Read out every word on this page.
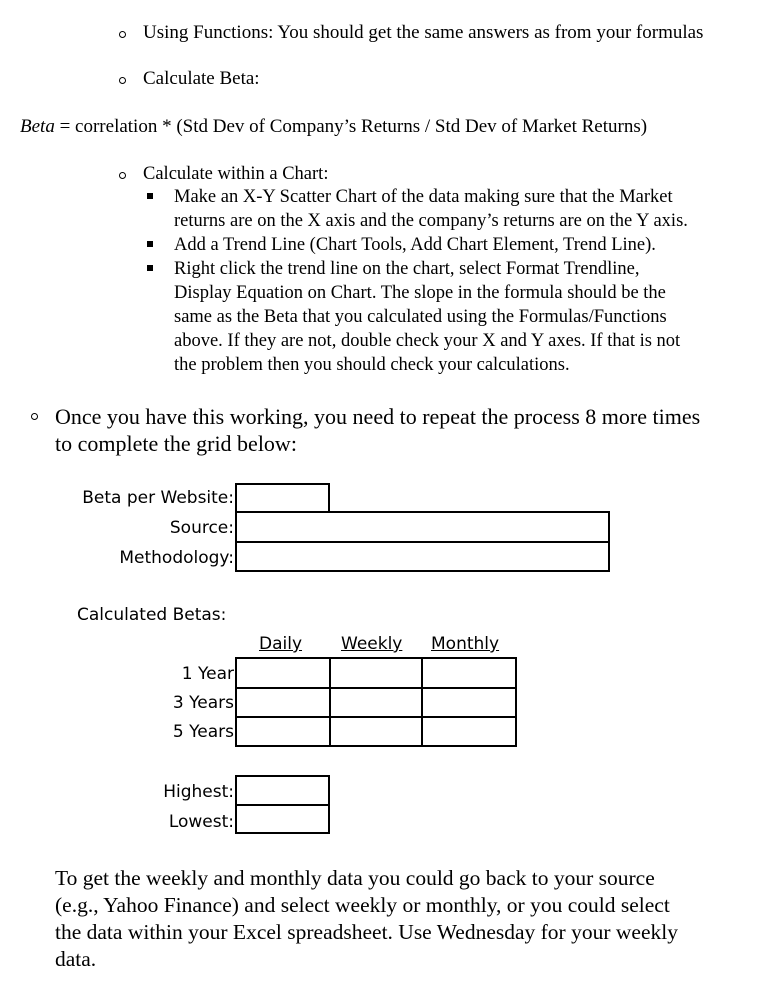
Using Functions: You should get the same answers as from your formulas
Calculate Beta:
Beta = correlation * (Std Dev of Company’s Returns / Std Dev of Market Returns)
Calculate within a Chart:
Make an X-Y Scatter Chart of the data making sure that the Market
returns are on the X axis and the company’s returns are on the Y axis.
Add a Trend Line (Chart Tools, Add Chart Element, Trend Line).
Right click the trend line on the chart, select Format Trendline,
Display Equation on Chart. The slope in the formula should be the
same as the Beta that you calculated using the Formulas/Functions
above. If they are not, double check your X and Y axes. If that is not
the problem then you should check your calculations.
Once you have this working, you need to repeat the process 8 more times
to complete the grid below:
Beta per Website:
Source:
Methodology:
Calculated Betas:
Daily Weekly Monthly
1 Year
3 Years
5 Years
Highest:
Lowest:
To get the weekly and monthly data you could go back to your source
(e.g., Yahoo Finance) and select weekly or monthly, or you could select
the data within your Excel spreadsheet. Use Wednesday for your weekly
data.
